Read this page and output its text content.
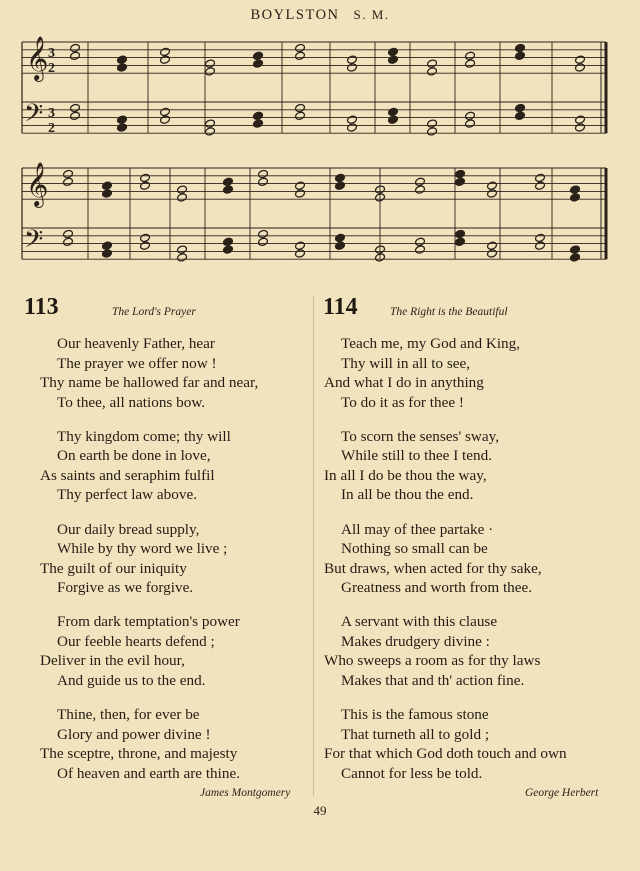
BOYLSTON S. M.
𝄞
𝄞
𝄢
𝄢
3
2
3
2
113	The Lord's Prayer
Our heavenly Father, hear
The prayer we offer now !
Thy name be hallowed far and near,
To thee, all nations bow.
Thy kingdom come; thy will
On earth be done in love,
As saints and seraphim fulfil
Thy perfect law above.
Our daily bread supply,
While by thy word we live ;
The guilt of our iniquity
Forgive as we forgive.
From dark temptation's power
Our feeble hearts defend ;
Deliver in the evil hour,
And guide us to the end.
Thine, then, for ever be
Glory and power divine !
The sceptre, throne, and majesty
Of heaven and earth are thine.
James Montgomery
114	The Right is the Beautiful
Teach me, my God and King,
Thy will in all to see,
And what I do in anything
To do it as for thee !
To scorn the senses' sway,
While still to thee I tend.
In all I do be thou the way,
In all be thou the end.
All may of thee partake ·
Nothing so small can be
But draws, when acted for thy sake,
Greatness and worth from thee.
A servant with this clause
Makes drudgery divine :
Who sweeps a room as for thy laws
Makes that and th' action fine.
This is the famous stone
That turneth all to gold ;
For that which God doth touch and own
Cannot for less be told.
George Herbert
49
